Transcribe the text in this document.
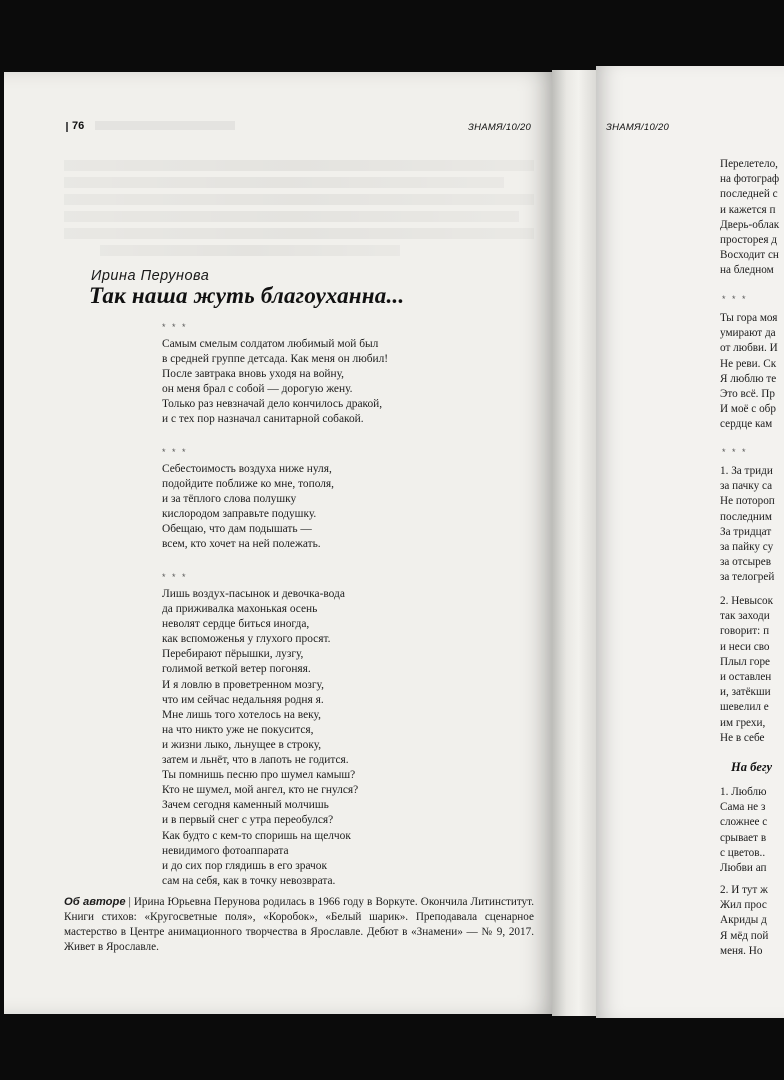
76	ЗНАМЯ/10/20	ЗНАМЯ/10/20
Ирина Перунова
Так наша жуть благоуханна...
* * *
Самым смелым солдатом любимый мой был
в средней группе детсада. Как меня он любил!
После завтрака вновь уходя на войну,
он меня брал с собой — дорогую жену.
Только раз невзначай дело кончилось дракой,
и с тех пор назначал санитарной собакой.
* * *
Себестоимость воздуха ниже нуля,
подойдите поближе ко мне, тополя,
и за тёплого слова полушку
кислородом заправьте подушку.
Обещаю, что дам подышать —
всем, кто хочет на ней полежать.
* * *
Лишь воздух-пасынок и девочка-вода
да приживалка махонькая осень
неволят сердце биться иногда,
как вспоможенья у глухого просят.
Перебирают пёрышки, лузгу,
голимой веткой ветер погоняя.
И я ловлю в проветренном мозгу,
что им сейчас недальняя родня я.
Мне лишь того хотелось на веку,
на что никто уже не покусится,
и жизни лыко, льнущее в строку,
затем и льнёт, что в лапоть не годится.
Ты помнишь песню про шумел камыш?
Кто не шумел, мой ангел, кто не гнулся?
Зачем сегодня каменный молчишь
и в первый снег с утра переобулся?
Как будто с кем-то споришь на щелчок
невидимого фотоаппарата
и до сих пор глядишь в его зрачок
сам на себя, как в точку невозврата.
Об авторе | Ирина Юрьевна Перунова родилась в 1966 году в Воркуте. Окончила Литинститут. Книги стихов: «Кругосветные поля», «Коробок», «Белый шарик». Преподавала сценарное мастерство в Центре анимационного творчества в Ярославле. Дебют в «Знамени» — № 9, 2017. Живет в Ярославле.
Перелетело,
на фотограф
последней с
и кажется п
Дверь-облак
просторея д
Восходит сн
на бледном
* * *
Ты гора моя
умирают да
от любви. И
Не реви. Ск
Я люблю те
Это всё. Пр
И моё с обр
сердце кам
* * *
1. За триди
за пачку са
Не потороп
последним
За тридцат
за пайку су
за отсырев
за телогрей
2. Невысок
так заходи
говорит: п
и неси сво
Плыл горе
и оставлен
и, затёкши
шевелил е
им грехи,
Не в себе
На бегу
1. Люблю
Сама не з
сложнее с
срывает в
с цветов..
Любви ап
2. И тут ж
Жил прос
Акриды д
Я мёд пой
меня. Но
